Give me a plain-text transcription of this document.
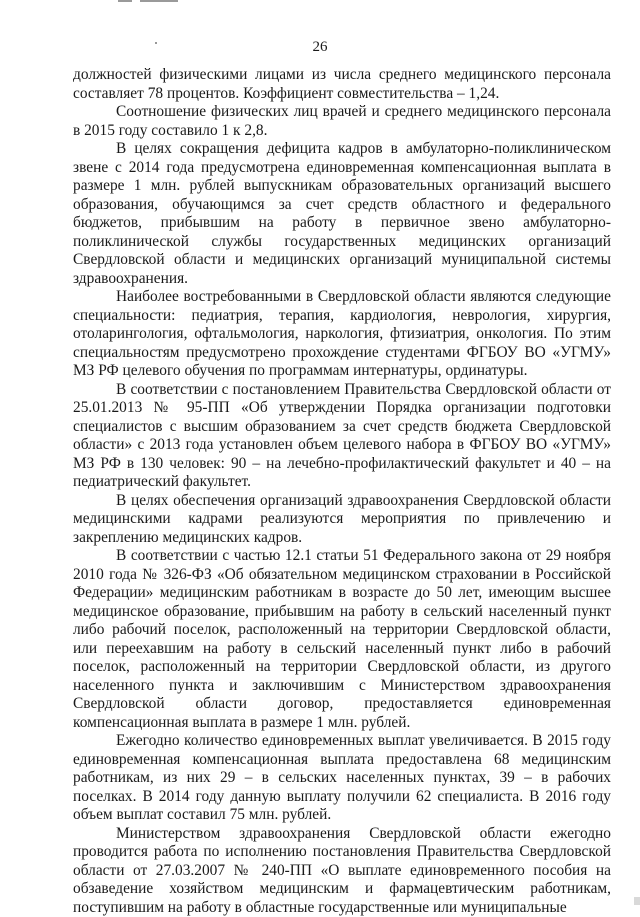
26

должностей физическими лицами из числа среднего медицинского персонала составляет 78 процентов. Коэффициент совместительства – 1,24.

Соотношение физических лиц врачей и среднего медицинского персонала в 2015 году составило 1 к 2,8.

В целях сокращения дефицита кадров в амбулаторно-поликлиническом звене с 2014 года предусмотрена единовременная компенсационная выплата в размере 1 млн. рублей выпускникам образовательных организаций высшего образования, обучающимся за счет средств областного и федерального бюджетов, прибывшим на работу в первичное звено амбулаторно-поликлинической службы государственных медицинских организаций Свердловской области и медицинских организаций муниципальной системы здравоохранения.

Наиболее востребованными в Свердловской области являются следующие специальности: педиатрия, терапия, кардиология, неврология, хирургия, отоларингология, офтальмология, наркология, фтизиатрия, онкология. По этим специальностям предусмотрено прохождение студентами ФГБОУ ВО «УГМУ» МЗ РФ целевого обучения по программам интернатуры, ординатуры.

В соответствии с постановлением Правительства Свердловской области от 25.01.2013 № 95-ПП «Об утверждении Порядка организации подготовки специалистов с высшим образованием за счет средств бюджета Свердловской области» с 2013 года установлен объем целевого набора в ФГБОУ ВО «УГМУ» МЗ РФ в 130 человек: 90 – на лечебно-профилактический факультет и 40 – на педиатрический факультет.

В целях обеспечения организаций здравоохранения Свердловской области медицинскими кадрами реализуются мероприятия по привлечению и закреплению медицинских кадров.

В соответствии с частью 12.1 статьи 51 Федерального закона от 29 ноября 2010 года № 326-ФЗ «Об обязательном медицинском страховании в Российской Федерации» медицинским работникам в возрасте до 50 лет, имеющим высшее медицинское образование, прибывшим на работу в сельский населенный пункт либо рабочий поселок, расположенный на территории Свердловской области, или переехавшим на работу в сельский населенный пункт либо в рабочий поселок, расположенный на территории Свердловской области, из другого населенного пункта и заключившим с Министерством здравоохранения Свердловской области договор, предоставляется единовременная компенсационная выплата в размере 1 млн. рублей.

Ежегодно количество единовременных выплат увеличивается. В 2015 году единовременная компенсационная выплата предоставлена 68 медицинским работникам, из них 29 – в сельских населенных пунктах, 39 – в рабочих поселках. В 2014 году данную выплату получили 62 специалиста. В 2016 году объем выплат составил 75 млн. рублей.

Министерством здравоохранения Свердловской области ежегодно проводится работа по исполнению постановления Правительства Свердловской области от 27.03.2007 № 240-ПП «О выплате единовременного пособия на обзаведение хозяйством медицинским и фармацевтическим работникам, поступившим на работу в областные государственные или муниципальные
